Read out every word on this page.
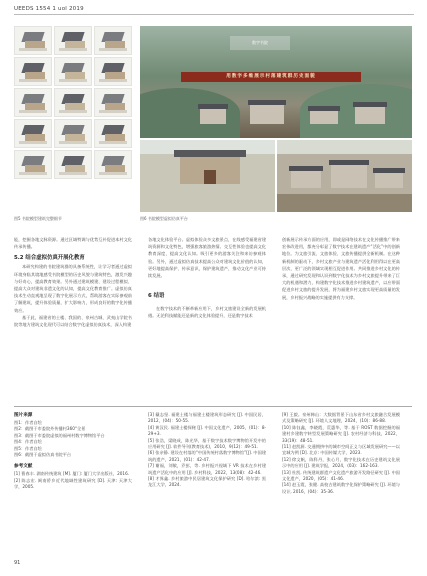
UEEDS 1554 1 uol 2019
图5 书院模型建筑完整细节
数字书院
用数字多维展示村落建筑群历史面貌
图6 书院模型虚拟仿真平台
能，挖掘各地文脉资源。通过区域特调与优势互补促进本村文化传承传播。
5.2 结合虚拟仿真开展化教育
本研究构建的书院建筑群的具备系统性，让学习者通过虚拟环境身临其境地感受书院模型的历史风貌与建筑特色，激发兴趣与好奇心，提高教育效果。另外通过建筑模建、建设过程模拟、提高大众对建筑非遗文化的认知，提高文化教育推广。虚拟仿真技术生动直观地呈现了数字化展示方式，帮助游客在实际参观前了解建筑，提升体验质量，扩大影响力，形成良好的数字化传播效应。
基于此，福建省的土楼、我国的、泉州古城、武夷山学院书院等地方建筑文化现代可以结合数字化虚拟仿真技术，深入构建
各地文化体验平台。虚拟体验众多文旅景点，在线感受福建省建筑资源和文化特色，增强旅客旅游热情。交互性体验也提高文化教育深度，提高文化认知。吸引更多的游客关注和来访参观体验。另外，通过虚拟仿真技术提高公众对建筑文化价值的认知，更好地提高保护、传承意识，保护建筑遗产，推动文化产业可持续发展。
6 结语
在数字技术的不断革新应用下，乡村文旅建设全新的发展机遇。无论科技赋能还是新的文化体验提升，还是数字技术
创新展示传承方面的应用，即或是网络技术在文化传播推广带来宏伟改进用，都充分彰显了数字技术在建筑遗产“活化”中的创新地位。为文旅引流、文旅体验、文旅传播提供全新机制。在这种新机制的驱动下，乡村文旅产业与建筑遗产活化利用得以在更高层次、更广泛的领域实现相互促进作用。共同推进乡村文化的传承，通过研究发现和认识到数字化技术为乡村文旅提升带来了巨大的机遇和潜力，构建数字化技术推进乡村建筑遗产，以应带面促进乡村文旅的提升发展，将为福建乡村文旅实现更高质量的发展，乡村振兴战略的实施提供有力支撑。
图片来源
图1：作者自绘
图2：截图于市委院外传播村360°全景
图3：截图于市委院虚拟的福州村数字博物馆平台
图4：作者自绘
图5：作者自绘
图6：截图于虚拟仿真书院平台
参考文献
[1] 曹春丰. 湖南传统建筑 [M]. 厦门: 厦门大学出版社，2016.
[2] 陈志宏. 闽南侨乡近代地域性建筑研究 [D]. 天津: 天津大学，2005.
[3] 戴志坚. 福建土楼与福建土楼建筑形态研究 [J]. 中国民居，2012，(04)：50-55.
[4] 黄汉民. 福建土楼探秘 [J]. 中国文化遗产，2005，(01)：8-29+3.
[5] 张浩，梁晓成，陈光华，基于数字技术数字博物馆开发中的应用研究 [J]. 软件导刊(教育技术)，2010，9(12)：49-51.
[6] 张亲静. 建设在村落的“中国传统村落数字博物馆”[J]. 中国建筑的遗产，2021，(01)：42-47.
[7] 谢福，刘敏，乔彭，等. 乡村振兴视域下 VR 技术在乡村建筑遗产活化中的应用 [J]. 乡村科技，2022，13(08)：42-46.
[8] 才界鑫. 乡村旅游中民居建筑文化保护研究 [D]. 哈尔滨: 黑龙江大学，2024.
[9] 王毅。泉州韩山：大数据背景下山东省乡村文旅融合发展模式及策略研究 [J]. 环境人文地理，2024，(10)：86-88.
[10] 陈钰鑫，李晓霞，荒惠华，等. 基于 ROST 数据挖掘的福建村乡建数字转型发展策略研究 [J]. 农村经济与科技，2022，33(19)：48-51.
[11] 赵凯源. 交通拥挤中的城市空间正义与区域发展研究——以宜城为例 [D]. 北京: 中国传媒大学，2023.
[12] 徐文帆，陈科丹，张心月，数字化技术在历史建筑文化展示中的应用 [J]. 建筑学报，2024，(03)：162-163.
[13] 杜凯. 传统建筑群遗产文化遗产旅游开发路径研究 [J]. 中国文化遗产，2020，(05)：41-46.
[14] 赵玉霞，张健. 高校古建筑数字化保护策略研究 [J]. 环境与设计, 2016，(04)：35-36.
91
